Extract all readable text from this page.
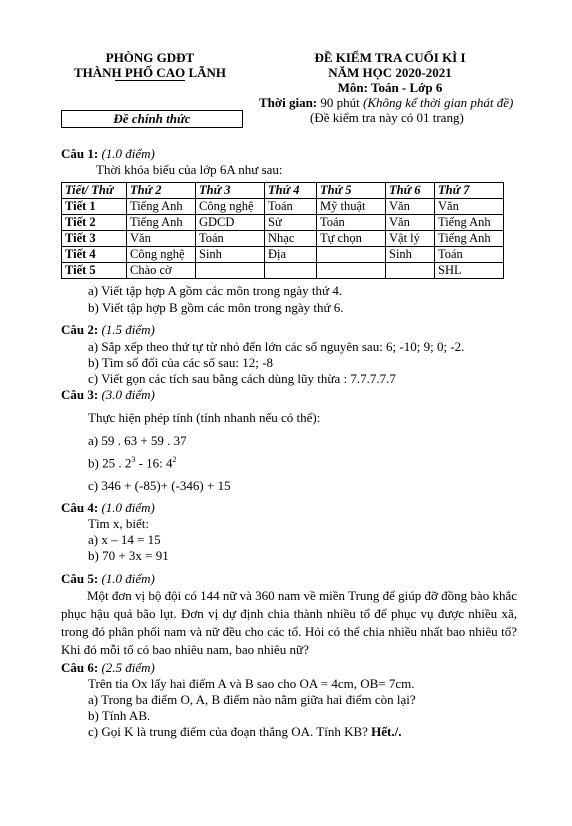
PHÒNG GDĐT
THÀNH PHỐ CAO LÃNH
ĐỀ KIỂM TRA CUỐI KÌ I
NĂM HỌC 2020-2021
Môn: Toán - Lớp 6
Thời gian: 90 phút (Không kể thời gian phát đề)
(Đề kiểm tra này có 01 trang)
Đề chính thức
Câu 1: (1.0 điểm)
Thời khóa biểu của lớp 6A như sau:
Tiết/ Thứ	Thứ 2	Thứ 3	Thứ 4	Thứ 5	Thứ 6	Thứ 7
Tiết 1	Tiếng Anh	Công nghệ	Toán	Mỹ thuật	Văn	Văn
Tiết 2	Tiếng Anh	GDCD	Sử	Toán	Văn	Tiếng Anh
Tiết 3	Văn	Toán	Nhạc	Tự chọn	Vật lý	Tiếng Anh
Tiết 4	Công nghệ	Sinh	Địa		Sinh	Toán
Tiết 5	Chào cờ					SHL
a) Viết tập hợp A gồm các môn trong ngày thứ 4.
b) Viết tập hợp B gồm các môn trong ngày thứ 6.
Câu 2: (1.5 điểm)
a) Sắp xếp theo thứ tự từ nhỏ đến lớn các số nguyên sau: 6; -10; 9; 0; -2.
b) Tìm số đối của các số sau: 12; -8
c) Viết gọn các tích sau bằng cách dùng lũy thừa : 7.7.7.7.7
Câu 3: (3.0 điểm)
Thực hiện phép tính (tính nhanh nếu có thể):
a) 59 . 63 + 59 . 37
b) 25 . $2^3 - 16$: $4^2$
c) 346 + (-85)+ (-346) + 15
Câu 4: (1.0 điểm)
Tìm x, biết:
a) x – 14 = 15
b) 70 + 3x = 91
Câu 5: (1.0 điểm)
Một đơn vị bộ đội có 144 nữ và 360 nam về miền Trung để giúp đỡ đồng bào khắc phục hậu quả bão lụt. Đơn vị dự định chia thành nhiều tổ để phục vụ được nhiều xã, trong đó phân phối nam và nữ đều cho các tổ. Hỏi có thể chia nhiều nhất bao nhiêu tổ? Khi đó mỗi tổ có bao nhiêu nam, bao nhiêu nữ?
Câu 6: (2.5 điểm)
Trên tia Ox lấy hai điểm A và B sao cho OA = 4cm, OB= 7cm.
a) Trong ba điểm O, A, B điểm nào nằm giữa hai điểm còn lại?
b) Tính AB.
c) Gọi K là trung điểm của đoạn thẳng OA. Tính KB? Hết./.
